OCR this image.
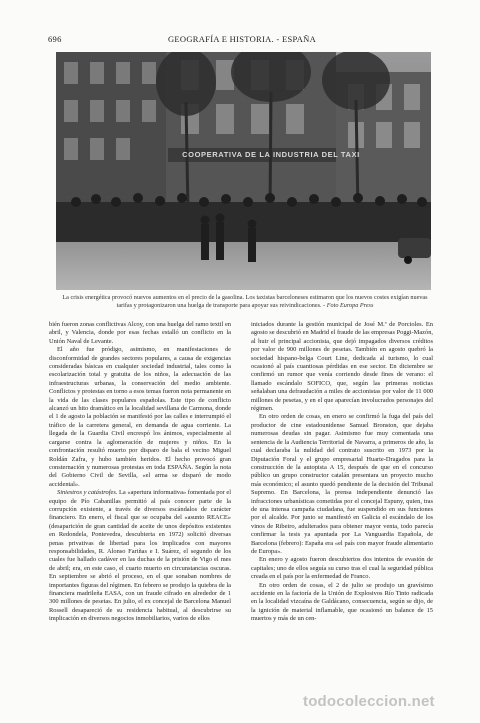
696	GEOGRAFÍA E HISTORIA. - ESPAÑA
COOPERATIVA DE LA INDUSTRIA DEL TAXI
La crisis energética provocó nuevos aumentos en el precio de la gasolina. Los taxistas barceloneses estimaron que los nuevos costes exigían nuevas tarifas y protagonizaron una huelga de transporte para apoyar sus reivindicaciones. - Foto Europa Press

bién fueron zonas conflictivas Alcoy, con una huelga del ramo textil en abril, y Valencia, donde por esas fechas estalló un conflicto en la Unión Naval de Levante.

El año fue pródigo, asimismo, en manifestaciones de disconformidad de grandes sectores populares, a causa de exigencias consideradas básicas en cualquier sociedad industrial, tales como la escolarización total y gratuita de los niños, la adecuación de las infraestructuras urbanas, la conservación del medio ambiente. Conflictos y protestas en torno a esos temas fueron nota permanente en la vida de las clases populares españolas. Este tipo de conflicto alcanzó un hito dramático en la localidad sevillana de Carmona, donde el 1 de agosto la población se manifestó por las calles e interrumpió el tráfico de la carretera general, en demanda de agua corriente. La llegada de la Guardia Civil encrespó los ánimos, especialmente al cargarse contra la aglomeración de mujeres y niños. En la confrontación resultó muerto por disparo de bala el vecino Miguel Roldán Zafra, y hubo también heridos. El hecho provocó gran consternación y numerosas protestas en toda ESPAÑA. Según la nota del Gobierno Civil de Sevilla, «el arma se disparó de modo accidental».

Siniestros y catástrofes. La «apertura informativa» fomentada por el equipo de Pío Cabanillas permitió al país conocer parte de la corrupción existente, a través de diversos escándalos de carácter financiero. En enero, el fiscal que se ocupaba del «asunto REACE» (desaparición de gran cantidad de aceite de unos depósitos existentes en Redondela, Pontevedra, descubierta en 1972) solicitó diversas penas privativas de libertad para los implicados con mayores responsabilidades, R. Alonso Fariñas e I. Suárez, el segundo de los cuales fue hallado cadáver en las duchas de la prisión de Vigo el mes de abril; era, en este caso, el cuarto muerto en circunstancias oscuras. En septiembre se abrió el proceso, en el que sonaban nombres de importantes figuras del régimen. En febrero se produjo la quiebra de la financiera madrileña EASA, con un fraude cifrado en alrededor de 1 300 millones de pesetas. En julio, el ex concejal de Barcelona Manuel Rossell desapareció de su residencia habitual, al descubrirse su implicación en diversos negocios inmobiliarios, varios de ellos

iniciados durante la gestión municipal de José M.ª de Porcioles. En agosto se descubrió en Madrid el fraude de las empresas Poggi-Mazón, al huir el principal accionista, que dejó impagados diversos créditos por valor de 900 millones de pesetas. También en agosto quebró la sociedad hispano-belga Court Line, dedicada al turismo, lo cual ocasionó al país cuantiosas pérdidas en ese sector. En diciembre se confirmó un rumor que venía corriendo desde fines de verano: el llamado escándalo SOFICO, que, según las primeras noticias señalaban una defraudación a miles de accionistas por valor de 11 000 millones de pesetas, y en el que aparecían involucrados personajes del régimen.

En otro orden de cosas, en enero se confirmó la fuga del país del productor de cine estadounidense Samuel Bronston, que dejaba numerosas deudas sin pagar. Asimismo fue muy comentada una sentencia de la Audiencia Territorial de Navarra, a primeros de año, la cual declaraba la nulidad del contrato suscrito en 1973 por la Diputación Foral y el grupo empresarial Huarte-Dragados para la construcción de la autopista A 15, después de que en el concurso público un grupo constructor catalán presentara un proyecto mucho más económico; el asunto quedó pendiente de la decisión del Tribunal Supremo. En Barcelona, la prensa independiente denunció las infracciones urbanísticas cometidas por el concejal Espuny, quien, tras de una intensa campaña ciudadana, fue suspendido en sus funciones por el alcalde. Por junio se manifestó en Galicia el escándalo de los vinos de Ribeiro, adulterados para obtener mayor venta, todo parecía confirmar la tesis ya apuntada por La Vanguardia Española, de Barcelona (febrero): España era «el país con mayor fraude alimentario de Europa».

En enero y agosto fueron descubiertos dos intentos de evasión de capitales; uno de ellos seguía su curso tras el cual la seguridad pública creada en el país por la enfermedad de Franco.

En otro orden de cosas, el 2 de julio se produjo un gravísimo accidente en la factoría de la Unión de Explosivos Río Tinto radicada en la localidad vizcaína de Galdácano, consecuencia, según se dijo, de la ignición de material inflamable, que ocasionó un balance de 15 muertos y más de un cen-

todocoleccion.net
